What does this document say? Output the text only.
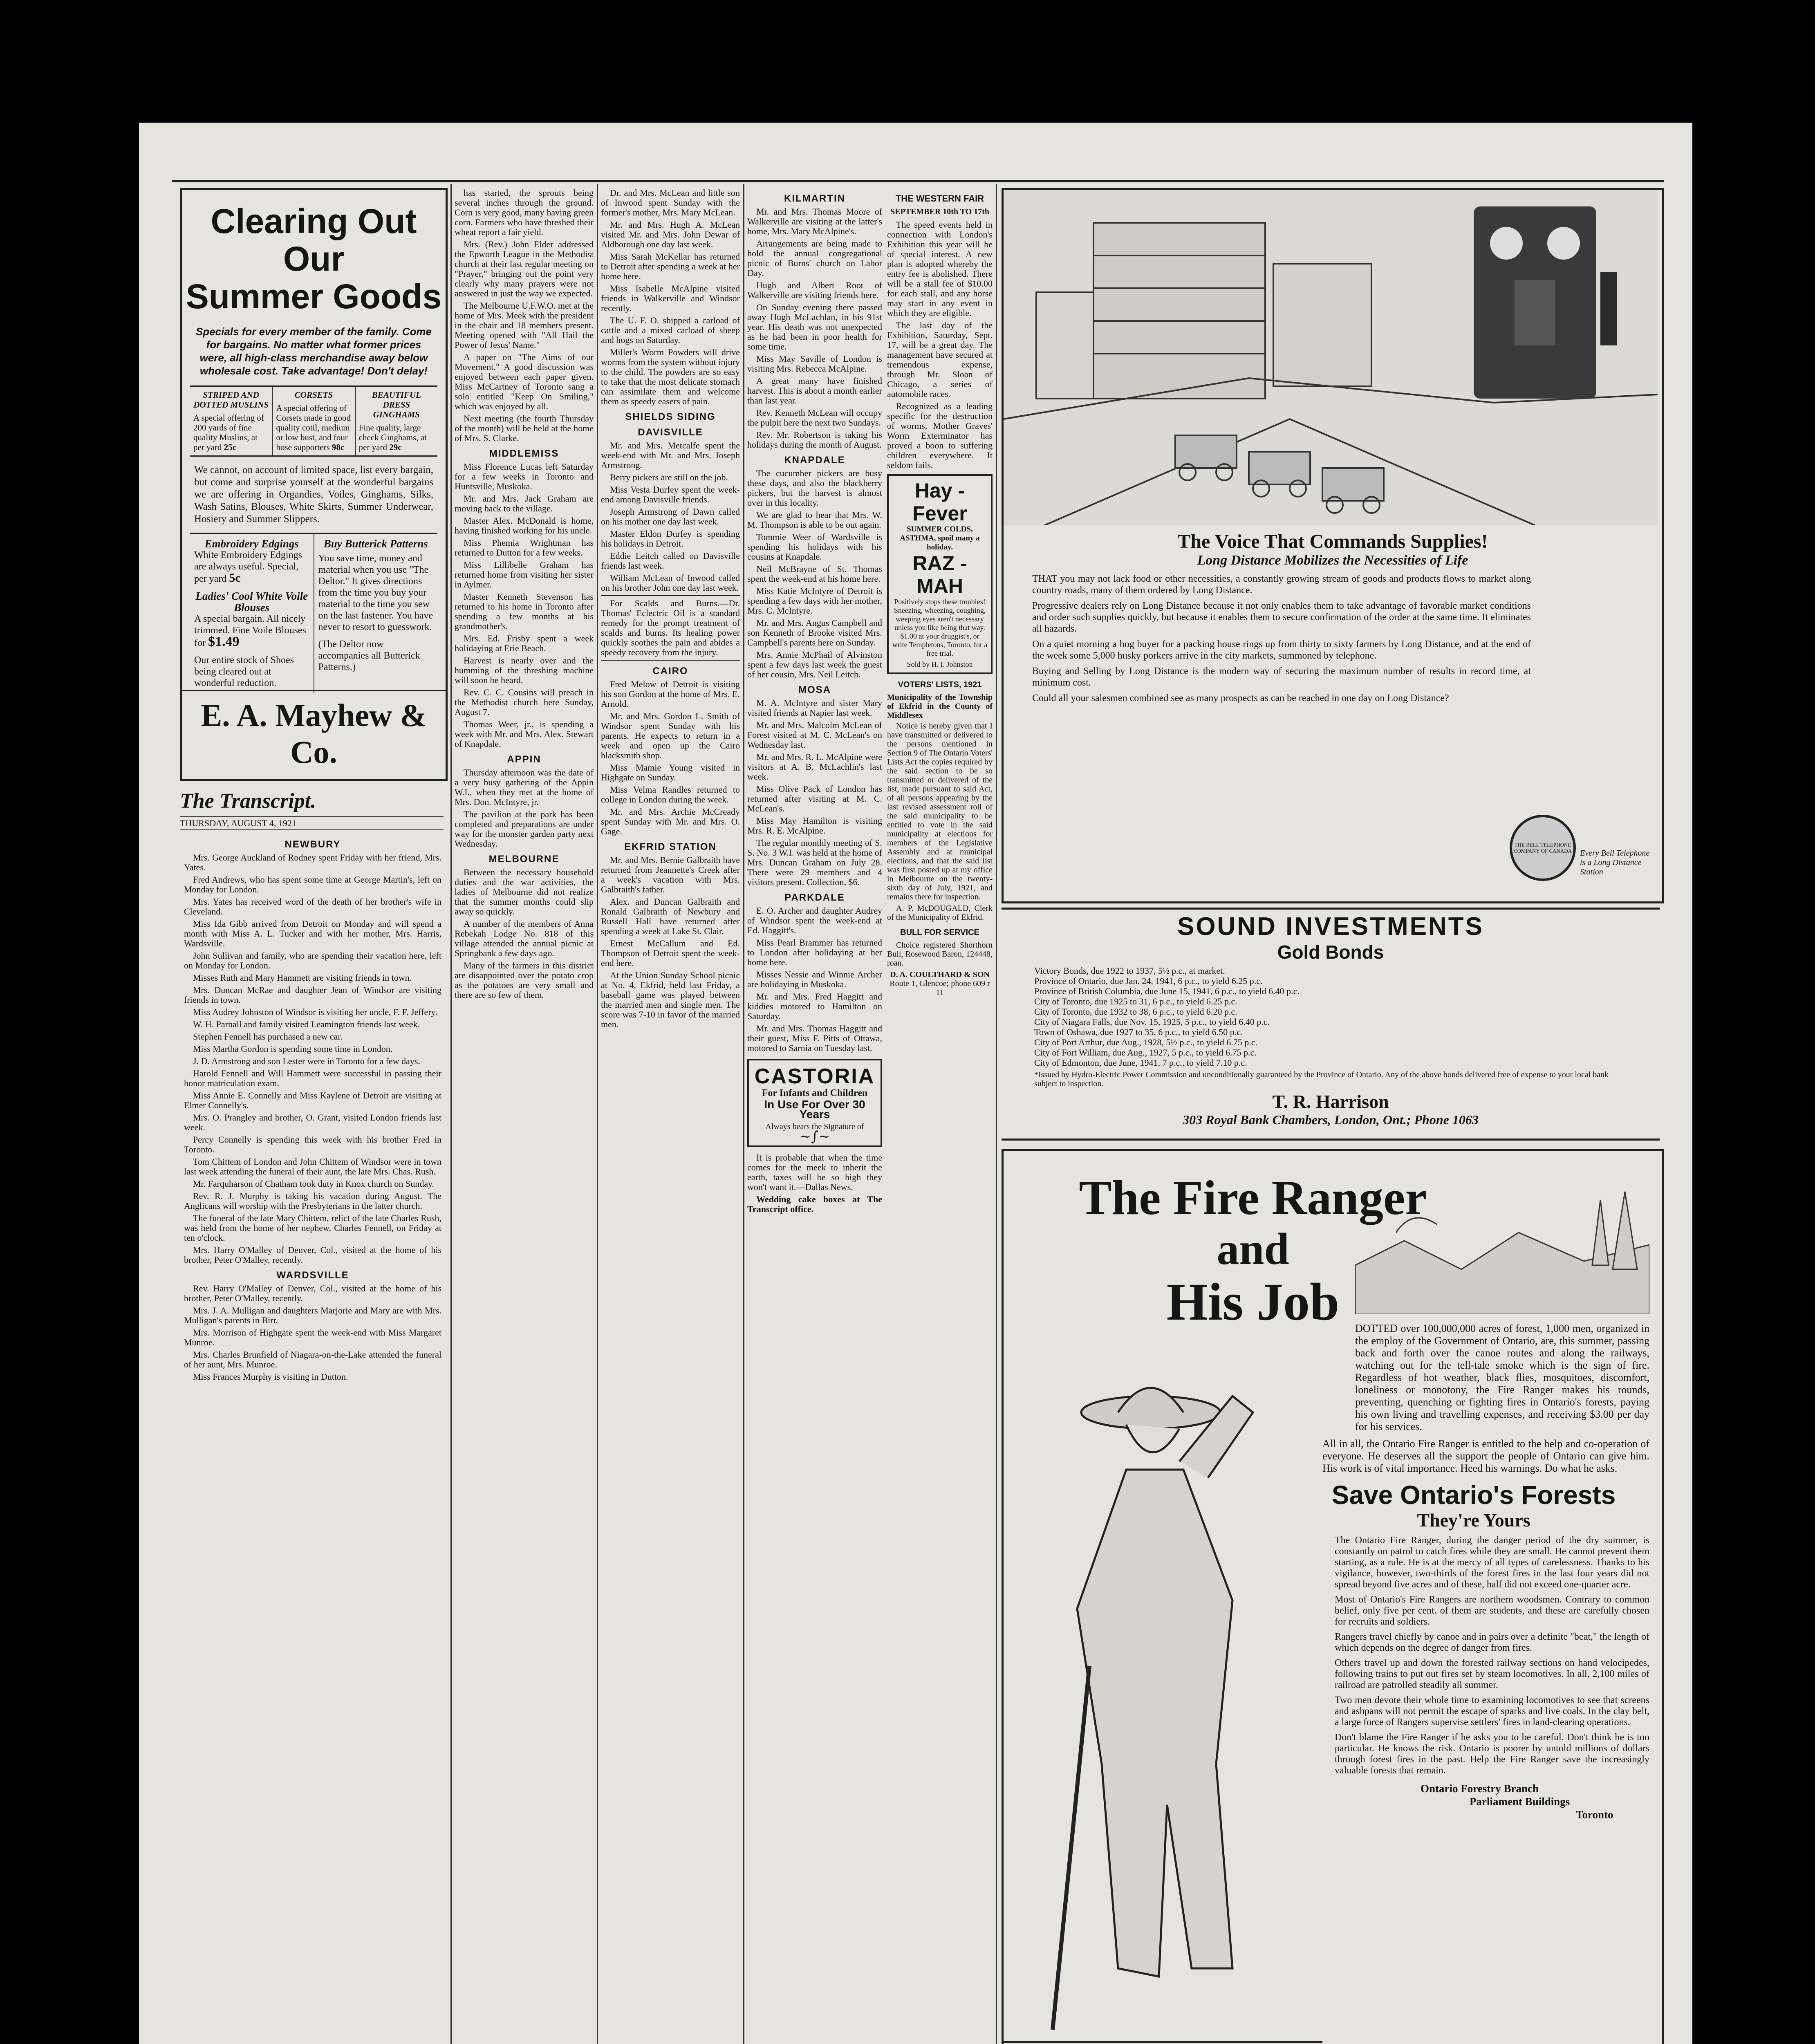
Clearing Out Our
Summer Goods
Specials for every member of the family. Come for bargains. No matter what former prices were, all high-class merchandise away below wholesale cost. Take advantage! Don't delay!
STRIPED AND DOTTED MUSLINS
A special offering of 200 yards of fine quality Muslins, at per yard 25c
CORSETS
A special offering of Corsets made in good quality cotil, medium or low bust, and four hose supporters 98c
BEAUTIFUL DRESS GINGHAMS
Fine quality, large check Ginghams, at per yard 29c
We cannot, on account of limited space, list every bargain, but come and surprise yourself at the wonderful bargains we are offering in Organdies, Voiles, Ginghams, Silks, Wash Satins, Blouses, White Skirts, Summer Underwear, Hosiery and Summer Slippers.
Embroidery Edgings
White Embroidery Edgings are always useful. Special, per yard 5c
Ladies' Cool White Voile Blouses
A special bargain. All nicely trimmed. Fine Voile Blouses for $1.49
Our entire stock of Shoes being cleared out at wonderful reduction.
Buy Butterick Patterns
You save time, money and material when you use "The Deltor." It gives directions from the time you buy your material to the time you sew on the last fastener. You have never to resort to guesswork.
(The Deltor now accompanies all Butterick Patterns.)
E. A. Mayhew & Co.
The Transcript.
THURSDAY, AUGUST 4, 1921
NEWBURY

Mrs. George Auckland of Rodney spent Friday with her friend, Mrs. Yates.

Fred Andrews, who has spent some time at George Martin's, left on Monday for London.

Mrs. Yates has received word of the death of her brother's wife in Cleveland.

Miss Ida Gibb arrived from Detroit on Monday and will spend a month with Miss A. L. Tucker and with her mother, Mrs. Harris, Wardsville.

John Sullivan and family, who are spending their vacation here, left on Monday for London.

Misses Ruth and Mary Hammett are visiting friends in town.

Mrs. Duncan McRae and daughter Jean of Windsor are visiting friends in town.

Miss Audrey Johnston of Windsor is visiting her uncle, F. F. Jeffery.

W. H. Parnall and family visited Leamington friends last week.

Stephen Fennell has purchased a new car.

Miss Martha Gordon is spending some time in London.

J. D. Armstrong and son Lester were in Toronto for a few days.

Harold Fennell and Will Hammett were successful in passing their honor matriculation exam.

Miss Annie E. Connelly and Miss Kaylene of Detroit are visiting at Elmer Connelly's.

Mrs. O. Prangley and brother, O. Grant, visited London friends last week.

Percy Connelly is spending this week with his brother Fred in Toronto.

Tom Chittem of London and John Chittem of Windsor were in town last week attending the funeral of their aunt, the late Mrs. Chas. Rush.

Mr. Farquharson of Chatham took duty in Knox church on Sunday.

Rev. R. J. Murphy is taking his vacation during August. The Anglicans will worship with the Presbyterians in the latter church.

The funeral of the late Mary Chittem, relict of the late Charles Rush, was held from the home of her nephew, Charles Fennell, on Friday at ten o'clock.

Mrs. Harry O'Malley of Denver, Col., visited at the home of his brother, Peter O'Malley, recently.

WARDSVILLE

Rev. Harry O'Malley of Denver, Col., visited at the home of his brother, Peter O'Malley, recently.

Mrs. J. A. Mulligan and daughters Marjorie and Mary are with Mrs. Mulligan's parents in Birr.

Mrs. Morrison of Highgate spent the week-end with Miss Margaret Munroe.

Mrs. Charles Brunfield of Niagara-on-the-Lake attended the funeral of her aunt, Mrs. Munroe.

Miss Frances Murphy is visiting in Dutton.

has started, the sprouts being several inches through the ground. Corn is very good, many having green corn. Farmers who have threshed their wheat report a fair yield.

Mrs. (Rev.) John Elder addressed the Epworth League in the Methodist church at their last regular meeting on "Prayer," bringing out the point very clearly why many prayers were not answered in just the way we expected.

The Melbourne U.F.W.O. met at the home of Mrs. Meek with the president in the chair and 18 members present. Meeting opened with "All Hail the Power of Jesus' Name."

A paper on "The Aims of our Movement." A good discussion was enjoyed between each paper given. Miss McCartney of Toronto sang a solo entitled "Keep On Smiling," which was enjoyed by all.

Next meeting (the fourth Thursday of the month) will be held at the home of Mrs. S. Clarke.

MIDDLEMISS

Miss Florence Lucas left Saturday for a few weeks in Toronto and Huntsville, Muskoka.

Mr. and Mrs. Jack Graham are moving back to the village.

Master Alex. McDonald is home, having finished working for his uncle.

Miss Phemia Wrightman has returned to Dutton for a few weeks.

Miss Lillibelle Graham has returned home from visiting her sister in Aylmer.

Master Kenneth Stevenson has returned to his home in Toronto after spending a few months at his grandmother's.

Mrs. Ed. Frisby spent a week holidaying at Erie Beach.

Harvest is nearly over and the humming of the threshing machine will soon be heard.

Rev. C. C. Cousins will preach in the Methodist church here Sunday, August 7.

Thomas Weer, jr., is spending a week with Mr. and Mrs. Alex. Stewart of Knapdale.

APPIN

Thursday afternoon was the date of a very busy gathering of the Appin W.I., when they met at the home of Mrs. Don. McIntyre, jr.

The pavilion at the park has been completed and preparations are under way for the monster garden party next Wednesday.

MELBOURNE

Between the necessary household duties and the war activities, the ladies of Melbourne did not realize that the summer months could slip away so quickly.

A number of the members of Anna Rebekah Lodge No. 818 of this village attended the annual picnic at Springbank a few days ago.

Many of the farmers in this district are disappointed over the potato crop as the potatoes are very small and there are so few of them.

Dr. and Mrs. McLean and little son of Inwood spent Sunday with the former's mother, Mrs. Mary McLean.

Mr. and Mrs. Hugh A. McLean visited Mr. and Mrs. John Dewar of Aldborough one day last week.

Miss Sarah McKellar has returned to Detroit after spending a week at her home here.

Miss Isabelle McAlpine visited friends in Walkerville and Windsor recently.

The U. F. O. shipped a carload of cattle and a mixed carload of sheep and hogs on Saturday.

Miller's Worm Powders will drive worms from the system without injury to the child. The powders are so easy to take that the most delicate stomach can assimilate them and welcome them as speedy easers of pain.

SHIELDS SIDING
DAVISVILLE

Mr. and Mrs. Metcalfe spent the week-end with Mr. and Mrs. Joseph Armstrong.

Berry pickers are still on the job.

Miss Vesta Durfey spent the week-end among Davisville friends.

Joseph Armstrong of Dawn called on his mother one day last week.

Master Eldon Durfey is spending his holidays in Detroit.

Eddie Leitch called on Davisville friends last week.

William McLean of Inwood called on his brother John one day last week.

For Scalds and Burns.—Dr. Thomas' Eclectric Oil is a standard remedy for the prompt treatment of scalds and burns. Its healing power quickly soothes the pain and abides a speedy recovery from the injury.

CAIRO

Fred Melow of Detroit is visiting his son Gordon at the home of Mrs. E. Arnold.

Mr. and Mrs. Gordon L. Smith of Windsor spent Sunday with his parents. He expects to return in a week and open up the Cairo blacksmith shop.

Miss Mamie Young visited in Highgate on Sunday.

Miss Velma Randles returned to college in London during the week.

Mr. and Mrs. Archie McCready spent Sunday with Mr. and Mrs. O. Gage.

EKFRID STATION

Mr. and Mrs. Bernie Galbraith have returned from Jeannette's Creek after a week's vacation with Mrs. Galbraith's father.

Alex. and Duncan Galbraith and Ronald Galbraith of Newbury and Russell Hall have returned after spending a week at Lake St. Clair.

Ernest McCallum and Ed. Thompson of Detroit spent the week-end here.

At the Union Sunday School picnic at No. 4, Ekfrid, held last Friday, a baseball game was played between the married men and single men. The score was 7-10 in favor of the married men.

KILMARTIN

Mr. and Mrs. Thomas Moore of Walkerville are visiting at the latter's home, Mrs. Mary McAlpine's.

Arrangements are being made to hold the annual congregational picnic of Burns' church on Labor Day.

Hugh and Albert Root of Walkerville are visiting friends here.

On Sunday evening there passed away Hugh McLachlan, in his 91st year. His death was not unexpected as he had been in poor health for some time.

Miss May Saville of London is visiting Mrs. Rebecca McAlpine.

A great many have finished harvest. This is about a month earlier than last year.

Rev. Kenneth McLean will occupy the pulpit here the next two Sundays.

Rev. Mr. Robertson is taking his holidays during the month of August.

KNAPDALE

The cucumber pickers are busy these days, and also the blackberry pickers, but the harvest is almost over in this locality.

We are glad to hear that Mrs. W. M. Thompson is able to be out again.

Tommie Weer of Wardsville is spending his holidays with his cousins at Knapdale.

Neil McBrayne of St. Thomas spent the week-end at his home here.

Miss Katie McIntyre of Detroit is spending a few days with her mother, Mrs. C. McIntyre.

Mr. and Mrs. Angus Campbell and son Kenneth of Brooke visited Mrs. Campbell's parents here on Sunday.

Mrs. Annie McPhail of Alvinston spent a few days last week the guest of her cousin, Mrs. Neil Leitch.

MOSA

M. A. McIntyre and sister Mary visited friends at Napier last week.

Mr. and Mrs. Malcolm McLean of Forest visited at M. C. McLean's on Wednesday last.

Mr. and Mrs. R. L. McAlpine were visitors at A. B. McLachlin's last week.

Miss Olive Pack of London has returned after visiting at M. C. McLean's.

Miss May Hamilton is visiting Mrs. R. E. McAlpine.

The regular monthly meeting of S. S. No. 3 W.I. was held at the home of Mrs. Duncan Graham on July 28. There were 29 members and 4 visitors present. Collection, $6.

PARKDALE

E. O. Archer and daughter Audrey of Windsor spent the week-end at Ed. Haggitt's.

Miss Pearl Brammer has returned to London after holidaying at her home here.

Misses Nessie and Winnie Archer are holidaying in Muskoka.

Mr. and Mrs. Fred Haggitt and kiddies motored to Hamilton on Saturday.

Mr. and Mrs. Thomas Haggitt and their guest, Miss F. Pitts of Ottawa, motored to Sarnia on Tuesday last.

CASTORIA
For Infants and Children
In Use For Over 30 Years
Always bears the Signature of
 ~∫~ 

It is probable that when the time comes for the meek to inherit the earth, taxes will be so high they won't want it.—Dallas News.

Wedding cake boxes at The Transcript office.

THE WESTERN FAIR
SEPTEMBER 10th TO 17th

The speed events held in connection with London's Exhibition this year will be of special interest. A new plan is adopted whereby the entry fee is abolished. There will be a stall fee of $10.00 for each stall, and any horse may start in any event in which they are eligible.

The last day of the Exhibition, Saturday, Sept. 17, will be a great day. The management have secured at tremendous expense, through Mr. Sloan of Chicago, a series of automobile races.

Recognized as a leading specific for the destruction of worms, Mother Graves' Worm Exterminator has proved a boon to suffering children everywhere. It seldom fails.

Hay - Fever
SUMMER COLDS, ASTHMA, spoil many a holiday.
RAZ - MAH
Positively stops these troubles! Sneezing, wheezing, coughing, weeping eyes aren't necessary unless you like being that way. $1.00 at your druggist's, or write Templetons, Toronto, for a free trial.
Sold by H. I. Johnston
VOTERS' LISTS, 1921
Municipality of the Township of Ekfrid in the County of Middlesex

Notice is hereby given that I have transmitted or delivered to the persons mentioned in Section 9 of The Ontario Voters' Lists Act the copies required by the said section to be so transmitted or delivered of the list, made pursuant to said Act, of all persons appearing by the last revised assessment roll of the said municipality to be entitled to vote in the said municipality at elections for members of the Legislative Assembly and at municipal elections, and that the said list was first posted up at my office in Melbourne on the twenty-sixth day of July, 1921, and remains there for inspection.

A. P. McDOUGALD, Clerk of the Municipality of Ekfrid.

BULL FOR SERVICE

Choice registered Shorthorn Bull, Rosewood Baron, 124448, roan.

D. A. COULTHARD & SON
Route 1, Glencoe; phone 609 r 11
The Voice That Commands Supplies!
Long Distance Mobilizes the Necessities of Life

THAT you may not lack food or other necessities, a constantly growing stream of goods and products flows to market along country roads, many of them ordered by Long Distance.

Progressive dealers rely on Long Distance because it not only enables them to take advantage of favorable market conditions and order such supplies quickly, but because it enables them to secure confirmation of the order at the same time. It eliminates all hazards.

On a quiet morning a hog buyer for a packing house rings up from thirty to sixty farmers by Long Distance, and at the end of the week some 5,000 husky porkers arrive in the city markets, summoned by telephone.

Buying and Selling by Long Distance is the modern way of securing the maximum number of results in record time, at minimum cost.

Could all your salesmen combined see as many prospects as can be reached in one day on Long Distance?

THE BELL TELEPHONE COMPANY OF CANADA Every Bell Telephone is a Long Distance Station
SOUND INVESTMENTS
Gold Bonds
Victory Bonds, due 1922 to 1937, 5½ p.c., at market.
Province of Ontario, due Jan. 24, 1941, 6 p.c., to yield 6.25 p.c.
Province of British Columbia, due June 15, 1941, 6 p.c., to yield 6.40 p.c.
City of Toronto, due 1925 to 31, 6 p.c., to yield 6.25 p.c.
City of Toronto, due 1932 to 38, 6 p.c., to yield 6.20 p.c.
City of Niagara Falls, due Nov. 15, 1925, 5 p.c., to yield 6.40 p.c.
Town of Oshawa, due 1927 to 35, 6 p.c., to yield 6.50 p.c.
City of Port Arthur, due Aug., 1928, 5½ p.c., to yield 6.75 p.c.
City of Fort William, due Aug., 1927, 5 p.c., to yield 6.75 p.c.
City of Edmonton, due June, 1941, 7 p.c., to yield 7.10 p.c.
*Issued by Hydro-Electric Power Commission and unconditionally guaranteed by the Province of Ontario. Any of the above bonds delivered free of expense to your local bank subject to inspection.
T. R. Harrison
303 Royal Bank Chambers, London, Ont.; Phone 1063
The Fire Ranger
and
His Job	DOTTED over 100,000,000 acres of forest, 1,000 men, organized in the employ of the Government of Ontario, are, this summer, passing back and forth over the canoe routes and along the railways, watching out for the tell-tale smoke which is the sign of fire. Regardless of hot weather, black flies, mosquitoes, discomfort, loneliness or monotony, the Fire Ranger makes his rounds, preventing, quenching or fighting fires in Ontario's forests, paying his own living and travelling expenses, and receiving $3.00 per day for his services.

All in all, the Ontario Fire Ranger is entitled to the help and co-operation of everyone. He deserves all the support the people of Ontario can give him. His work is of vital importance. Heed his warnings. Do what he asks.

Save Ontario's Forests
They're Yours

The Ontario Fire Ranger, during the danger period of the dry summer, is constantly on patrol to catch fires while they are small. He cannot prevent them starting, as a rule. He is at the mercy of all types of carelessness. Thanks to his vigilance, however, two-thirds of the forest fires in the last four years did not spread beyond five acres and of these, half did not exceed one-quarter acre.

Most of Ontario's Fire Rangers are northern woodsmen. Contrary to common belief, only five per cent. of them are students, and these are carefully chosen for recruits and soldiers.

Rangers travel chiefly by canoe and in pairs over a definite "beat," the length of which depends on the degree of danger from fires.

Others travel up and down the forested railway sections on hand velocipedes, following trains to put out fires set by steam locomotives. In all, 2,100 miles of railroad are patrolled steadily all summer.

Two men devote their whole time to examining locomotives to see that screens and ashpans will not permit the escape of sparks and live coals. In the clay belt, a large force of Rangers supervise settlers' fires in land-clearing operations.

Don't blame the Fire Ranger if he asks you to be careful. Don't think he is too particular. He knows the risk. Ontario is poorer by untold millions of dollars through forest fires in the past. Help the Fire Ranger save the increasingly valuable forests that remain.

Ontario Forestry Branch
Parliament Buildings
Toronto
